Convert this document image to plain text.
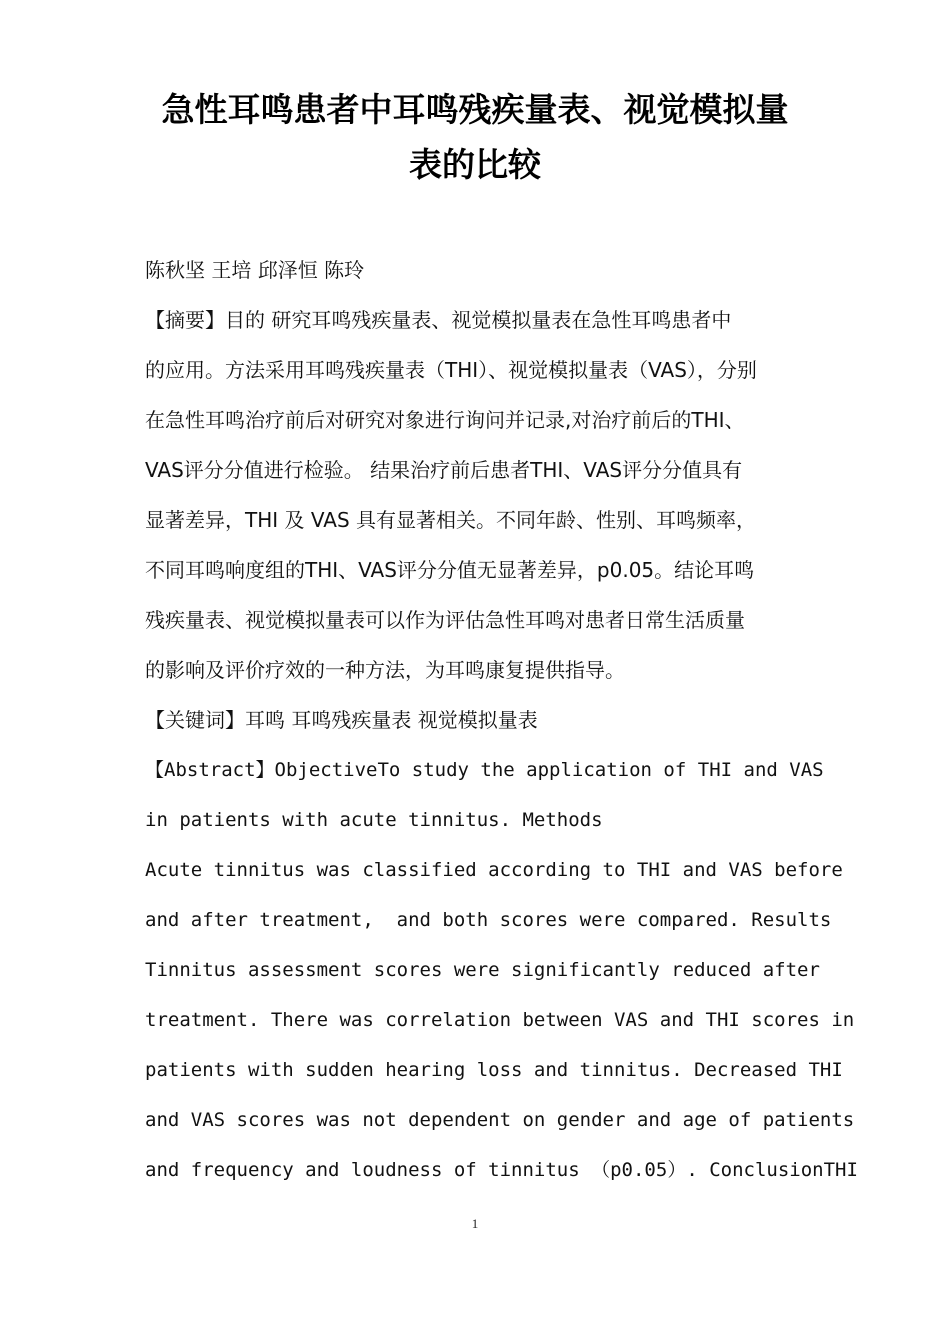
急性耳鸣患者中耳鸣残疾量表、视觉模拟量
表的比较
陈秋坚 王培 邱泽恒 陈玲
【摘要】目的 研究耳鸣残疾量表、视觉模拟量表在急性耳鸣患者中
的应用。方法采用耳鸣残疾量表（THI）、视觉模拟量表（VAS），分别
在急性耳鸣治疗前后对研究对象进行询问并记录,对治疗前后的THI、
VAS评分分值进行检验。 结果治疗前后患者THI、VAS评分分值具有
显著差异，THI 及 VAS 具有显著相关。不同年龄、性别、耳鸣频率，
不同耳鸣响度组的THI、VAS评分分值无显著差异，p0.05。结论耳鸣
残疾量表、视觉模拟量表可以作为评估急性耳鸣对患者日常生活质量
的影响及评价疗效的一种方法，为耳鸣康复提供指导。
【关键词】耳鸣 耳鸣残疾量表 视觉模拟量表
【Abstract】ObjectiveTo study the application of THI and VAS
in patients with acute tinnitus. Methods
Acute tinnitus was classified according to THI and VAS before
and after treatment,  and both scores were compared. Results
Tinnitus assessment scores were significantly reduced after
treatment. There was correlation between VAS and THI scores in
patients with sudden hearing loss and tinnitus. Decreased THI
and VAS scores was not dependent on gender and age of patients
and frequency and loudness of tinnitus （p0.05）. ConclusionTHI
1
